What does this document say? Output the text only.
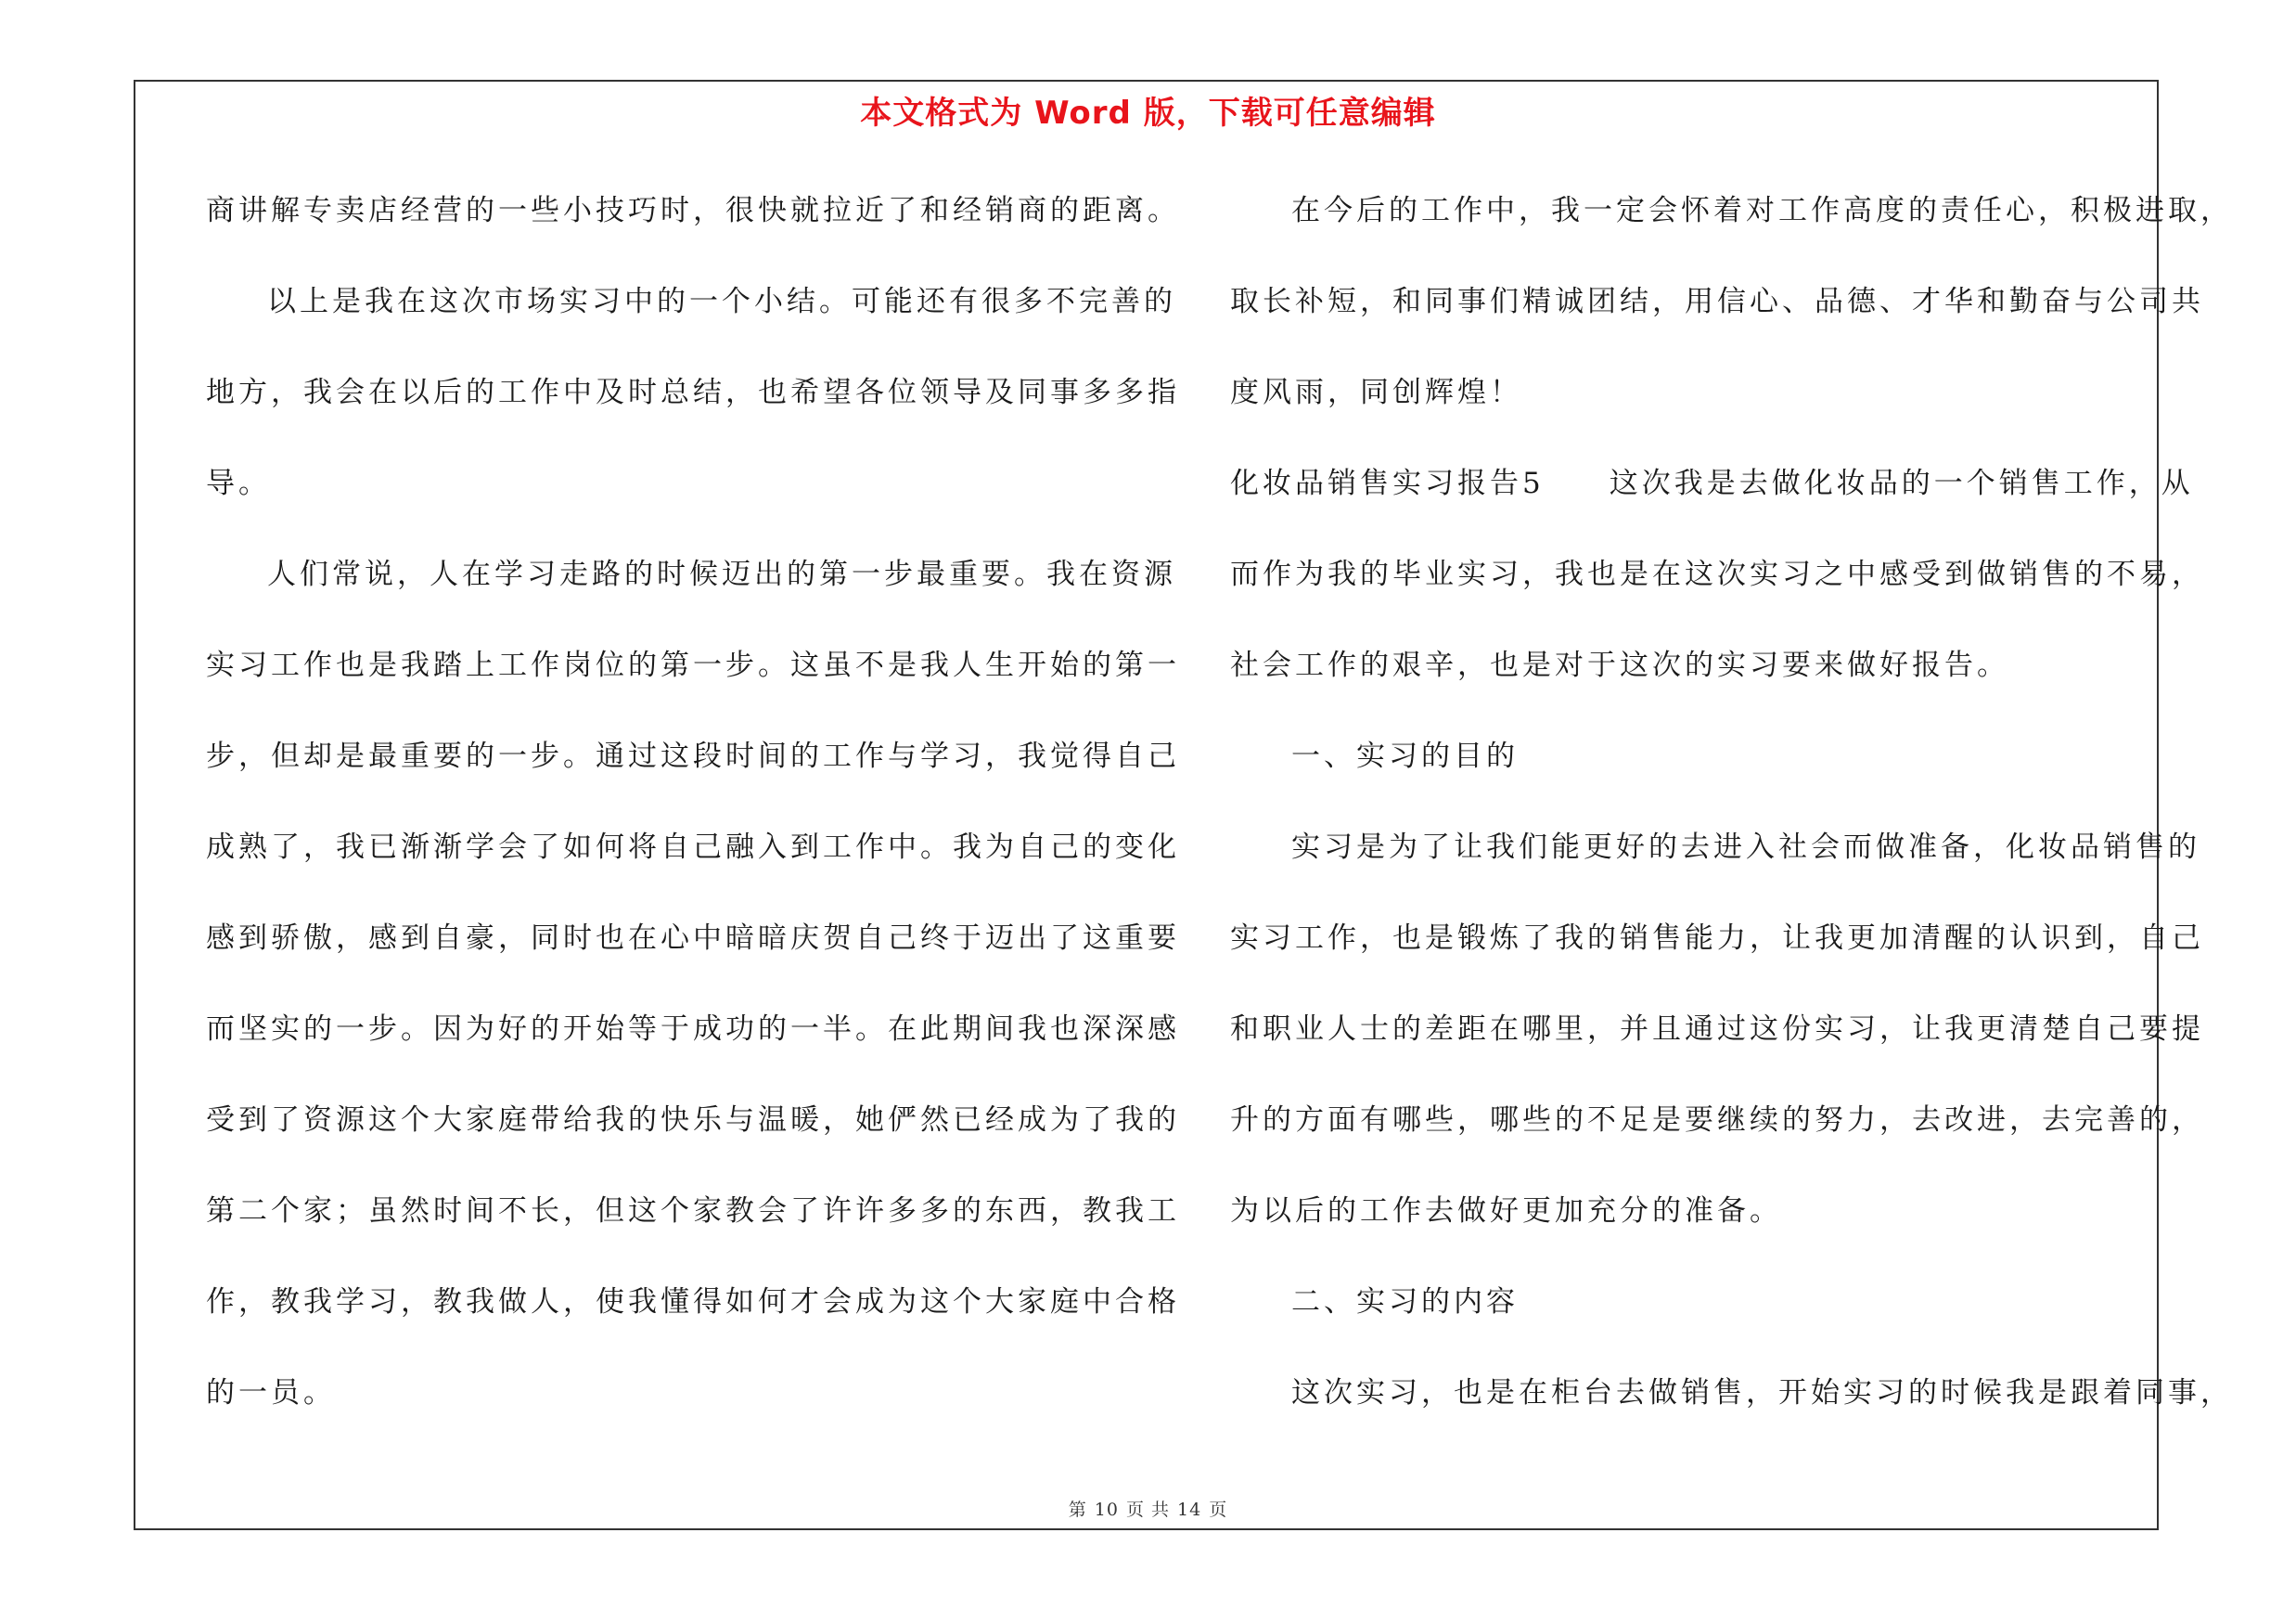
本文格式为 Word 版，下载可任意编辑
商讲解专卖店经营的一些小技巧时，很快就拉近了和经销商的距离。
以上是我在这次市场实习中的一个小结。可能还有很多不完善的
地方，我会在以后的工作中及时总结，也希望各位领导及同事多多指
导。
人们常说，人在学习走路的时候迈出的第一步最重要。我在资源
实习工作也是我踏上工作岗位的第一步。这虽不是我人生开始的第一
步，但却是最重要的一步。通过这段时间的工作与学习，我觉得自己
成熟了，我已渐渐学会了如何将自己融入到工作中。我为自己的变化
感到骄傲，感到自豪，同时也在心中暗暗庆贺自己终于迈出了这重要
而坚实的一步。因为好的开始等于成功的一半。在此期间我也深深感
受到了资源这个大家庭带给我的快乐与温暖，她俨然已经成为了我的
第二个家；虽然时间不长，但这个家教会了许许多多的东西，教我工
作，教我学习，教我做人，使我懂得如何才会成为这个大家庭中合格
的一员。
在今后的工作中，我一定会怀着对工作高度的责任心，积极进取，
取长补短，和同事们精诚团结，用信心、品德、才华和勤奋与公司共
度风雨，同创辉煌！
化妆品销售实习报告5　　这次我是去做化妆品的一个销售工作，从
而作为我的毕业实习，我也是在这次实习之中感受到做销售的不易，
社会工作的艰辛，也是对于这次的实习要来做好报告。
一、实习的目的
实习是为了让我们能更好的去进入社会而做准备，化妆品销售的
实习工作，也是锻炼了我的销售能力，让我更加清醒的认识到，自己
和职业人士的差距在哪里，并且通过这份实习，让我更清楚自己要提
升的方面有哪些，哪些的不足是要继续的努力，去改进，去完善的，
为以后的工作去做好更加充分的准备。
二、实习的内容
这次实习，也是在柜台去做销售，开始实习的时候我是跟着同事，
第 10 页 共 14 页
